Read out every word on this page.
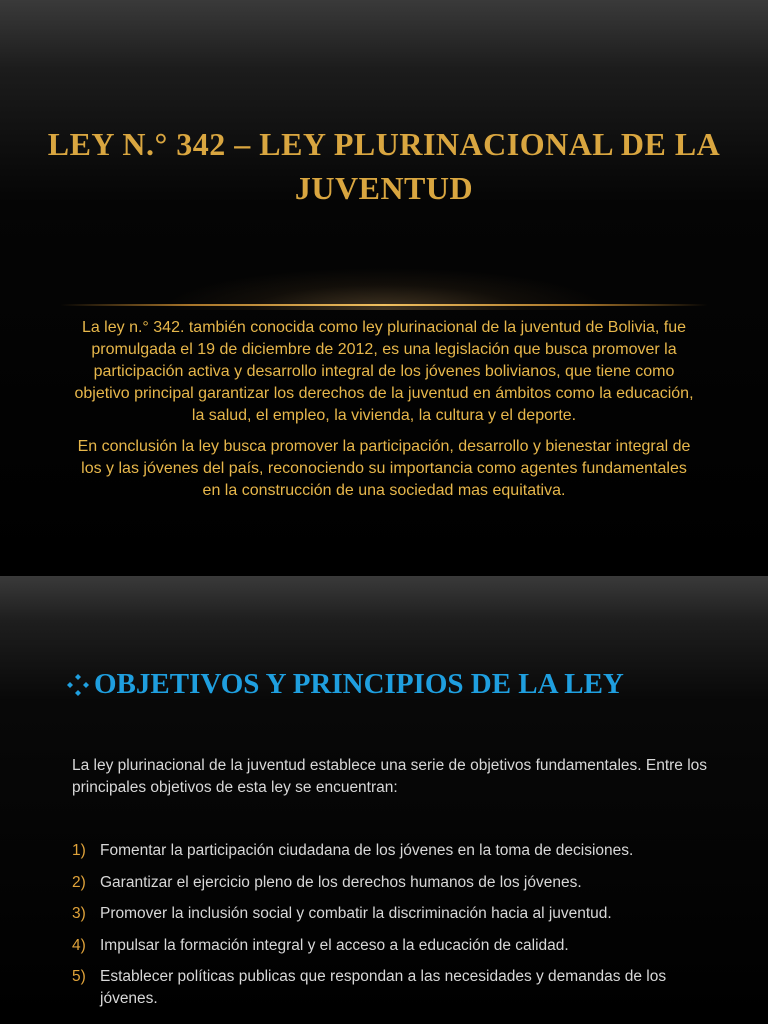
LEY N.° 342 – LEY PLURINACIONAL DE LA JUVENTUD

La ley n.° 342. también conocida como ley plurinacional de la juventud de Bolivia, fue promulgada el 19 de diciembre de 2012, es una legislación que busca promover la participación activa y desarrollo integral de los jóvenes bolivianos, que tiene como objetivo principal garantizar los derechos de la juventud en ámbitos como la educación, la salud, el empleo, la vivienda, la cultura y el deporte.

En conclusión la ley busca promover la participación, desarrollo y bienestar integral de los y las jóvenes del país, reconociendo su importancia como agentes fundamentales en la construcción de una sociedad mas equitativa.

OBJETIVOS Y PRINCIPIOS DE LA LEY

La ley plurinacional de la juventud establece una serie de objetivos fundamentales. Entre los principales objetivos de esta ley se encuentran:

1) Fomentar la participación ciudadana de los jóvenes en la toma de decisiones.
2) Garantizar el ejercicio pleno de los derechos humanos de los jóvenes.
3) Promover la inclusión social y combatir la discriminación hacia al juventud.
4) Impulsar la formación integral y el acceso a la educación de calidad.
5) Establecer políticas publicas que respondan a las necesidades y demandas de los jóvenes.
